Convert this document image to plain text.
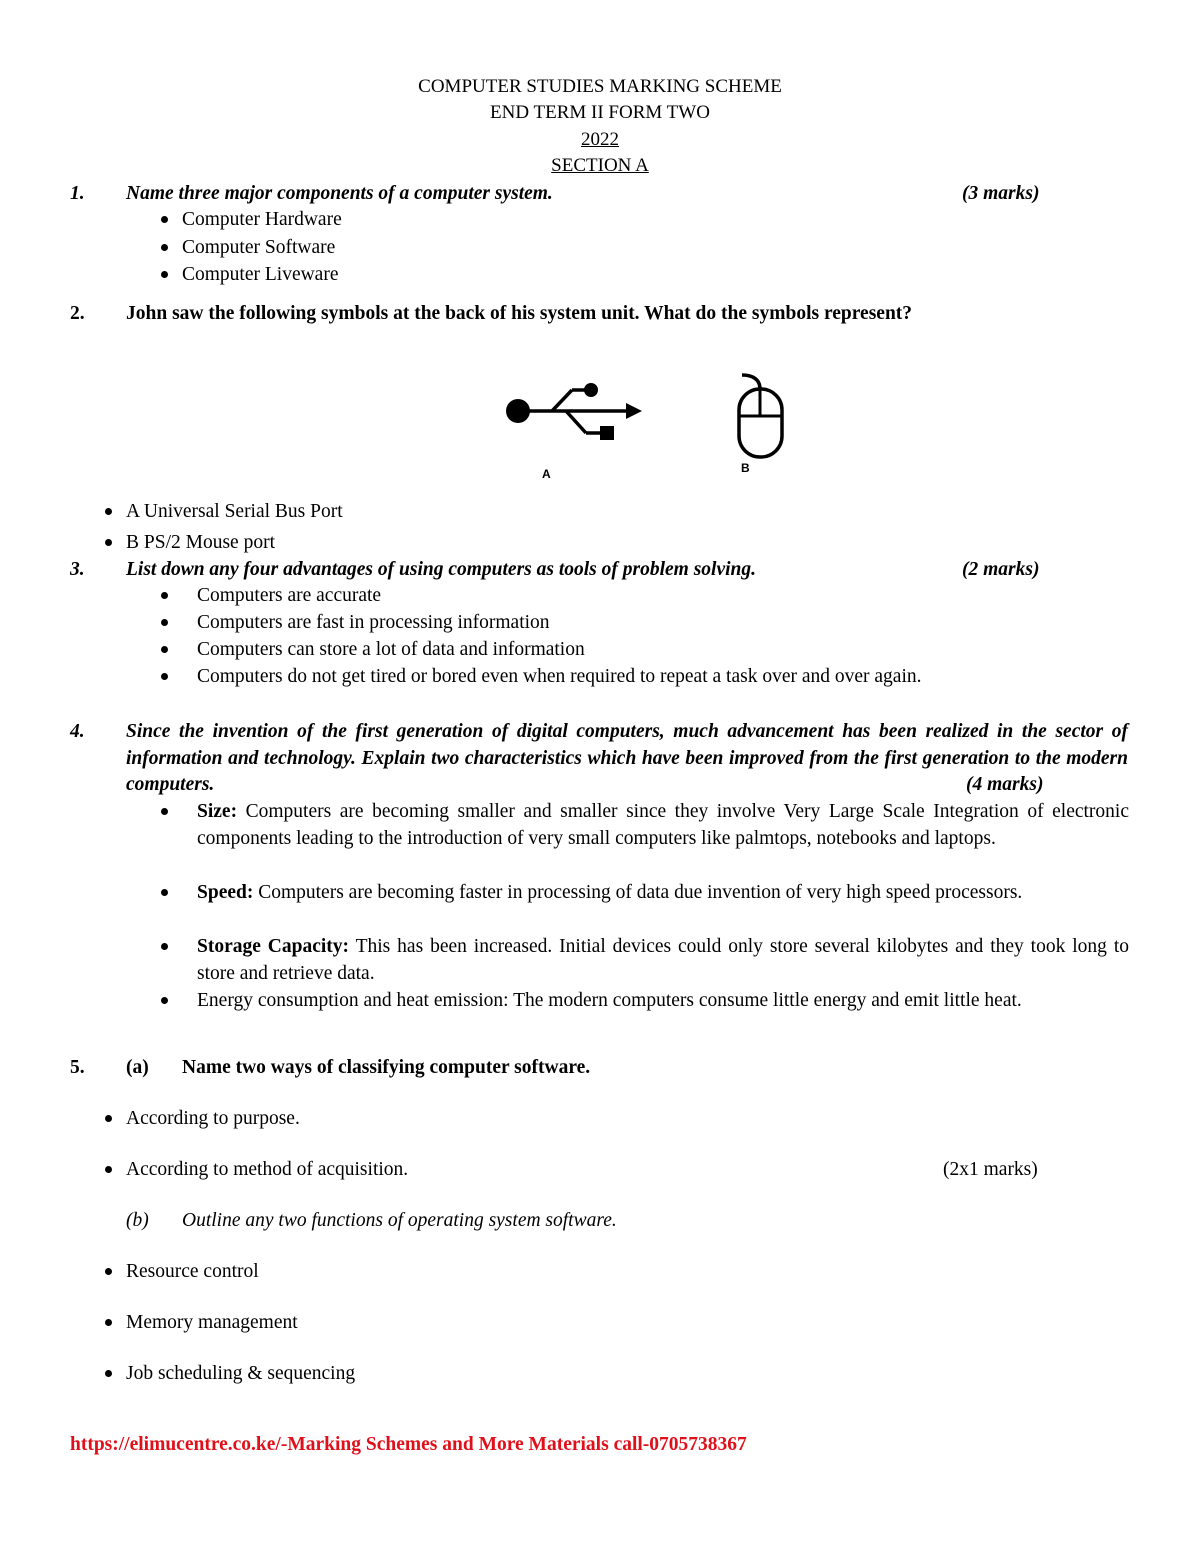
COMPUTER STUDIES MARKING SCHEME
END TERM II FORM TWO
2022
SECTION A
1. Name three major components of a computer system.	(3 marks)
Computer Hardware
Computer Software
Computer Liveware
2. John saw the following symbols at the back of his system unit. What do the symbols represent?
A	B
A Universal Serial Bus Port
B PS/2 Mouse port
3. List down any four advantages of using computers as tools of problem solving.	(2 marks)
Computers are accurate
Computers are fast in processing information
Computers can store a lot of data and information
Computers do not get tired or bored even when required to repeat a task over and over again.
4. Since the invention of the first generation of digital computers, much advancement has been realized in the sector of information and technology. Explain two characteristics which have been improved from the first generation to the modern computers.	(4 marks)
Size: Computers are becoming smaller and smaller since they involve Very Large Scale Integration of electronic components leading to the introduction of very small computers like palmtops, notebooks and laptops.
Speed: Computers are becoming faster in processing of data due invention of very high speed processors.
Storage Capacity: This has been increased. Initial devices could only store several kilobytes and they took long to store and retrieve data.
Energy consumption and heat emission: The modern computers consume little energy and emit little heat.
5. (a) Name two ways of classifying computer software.
According to purpose.
According to method of acquisition.	(2x1 marks)
(b) Outline any two functions of operating system software.
Resource control
Memory management
Job scheduling & sequencing
https://elimucentre.co.ke/-Marking Schemes and More Materials call-0705738367
